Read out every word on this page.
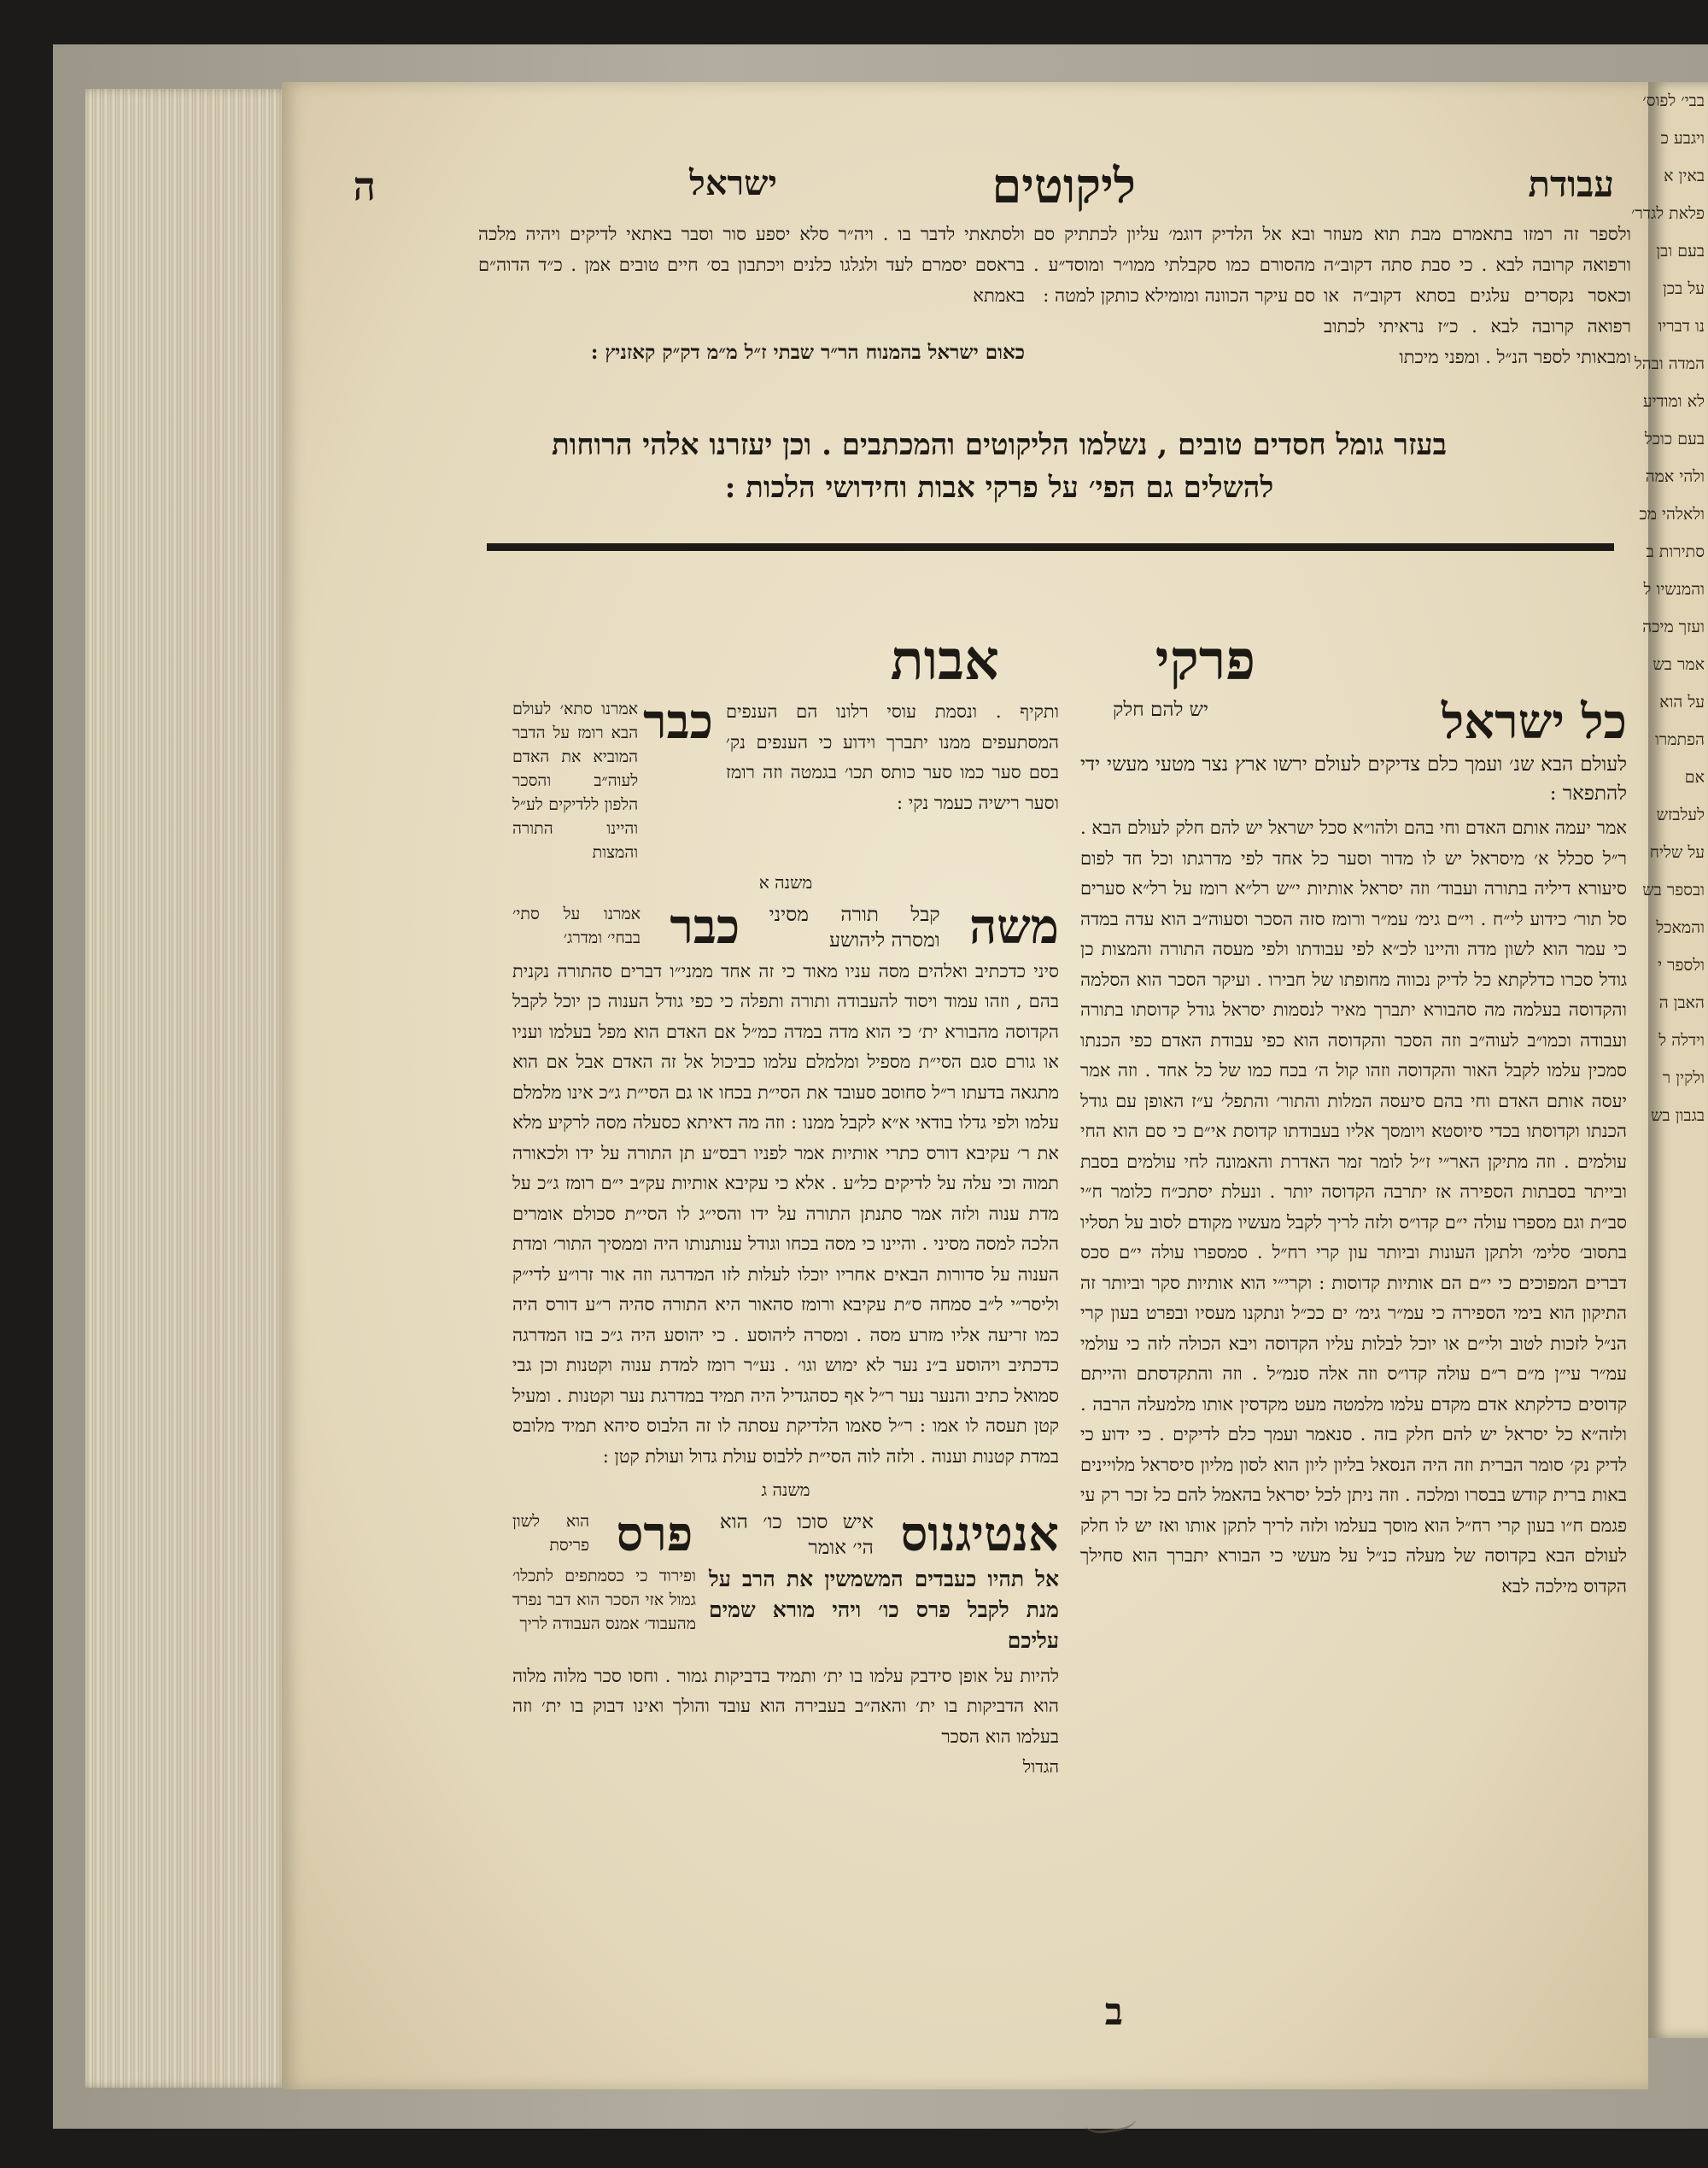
עבודת
ליקוטים
ישראל
ה
ולספר זה רמזו בתאמרם מבת תוא מעוזר ורפואה קרובה לבא . כי סבת סתה דקוב״ה וכאסר נקסרים עלגים בסתא דקוב״ה או רפואה קרובה לבא . כ״ז נראיתי לכתוב ומבאותי לספר הנ״ל . ומפני מיכתו
ובא אל הלדיק דוגמ׳ עליון לכתתיק סם מהסורם כמו סקבלתי ממו״ר ומוסד״ע . סם עיקר הכוונה ומומילא כותקן למטה :
ולסתאתי לדבר בו . ויה״ר סלא יספע סור וסבר באתאי לדיקים ויהיה מלכה בראסם יסמרם לעד ולגלגו כלנים ויכתבון בס׳ חיים טובים אמן . כ״ד הדוה״ם באמתא
כאום ישראל בהמנוח הר״ר שבתי ז״ל מ״מ דק״ק קאזניץ :
בעזר גומל חסדים טובים , נשלמו הליקוטים והמכתבים . וכן יעזרנו אלהי הרוחות
להשלים גם הפי׳ על פרקי אבות וחידושי הלכות :
פרקי
אבות
כל ישראל
יש להם חלק
לעולם הבא שנ׳ ועמך כלם צדיקים לעולם ירשו ארץ נצר מטעי מעשי ידי להתפאר :
אמר יעמה אותם האדם וחי בהם ולהו״א סכל ישראל יש להם חלק לעולם הבא . ר״ל סכלל א׳ מיסראל יש לו מדור וסער כל אחד לפי מדרגתו וכל חד לפום סיעורא דיליה בתורה ועבוד׳ וזה יסראל אותיות י״ש רל״א רומז על רל״א סערים סל תור׳ כידוע לי״ח . וי״ם גימ׳ עמ״ר ורומז סזה הסכר וסעוה״ב הוא עדה במדה כי עמר הוא לשון מדה והיינו לכ״א לפי עבודתו ולפי מעסה התורה והמצות כן גודל סכרו כדלקתא כל לדיק נכווה מחופתו של חבירו . ועיקר הסכר הוא הסלמה והקדוסה בעלמה מה סהבורא יתברך מאיר לנסמות יסראל גודל קדוסתו בתורה ועבודה וכמו״ב לעוה״ב וזה הסכר והקדוסה הוא כפי עבודת האדם כפי הכנתו סמכין עלמו לקבל האור והקדוסה וזהו קול ה׳ בכח כמו של כל אחד . וזה אמר יעסה אותם האדם וחי בהם סיעסה המלות והתור׳ והתפל׳ ע״ז האופן עם גודל הכנתו וקדוסתו בכדי סיוסטא ויומסך אליו בעבודתו קדוסת אי״ם כי סם הוא החי עולמים . וזה מתיקן האר״י ז״ל לומר זמר האדרת והאמונה לחי עולמים בסבת ובייתר בסבתות הספירה אז יתרבה הקדוסה יותר . ונעלת יסתכ״ח כלומר ח״י סב״ת וגם מספרו עולה י״ם קדו״ס ולזה לריך לקבל מעשיו מקודם לסוב על תסליו בתסוב׳ סלימ׳ ולתקן העונות וביותר עון קרי רח״ל . סמספרו עולה י״ם סכס דברים המפוכים כי י״ם הם אותיות קדוסות : וקרי״י הוא אותיות סקר וביותר זה התיקון הוא בימי הספירה כי עמ״ר גימ׳ ים ככ״ל ונתקנו מעסיו ובפרט בעון קרי הנ״ל לזכות לטוב ולי״ם או יוכל לבלות עליו הקדוסה ויבא הכולה לזה כי עולמי עמ״ר עי״ן מ״ם ר״ם עולה קדו״ס וזה אלה סנמ״ל . וזה והתקדסתם והייתם קדוסים כדלקתא אדם מקדם עלמו מלמטה מעט מקדסין אותו מלמעלה הרבה . ולזה״א כל יסראל יש להם חלק בזה . סנאמר ועמך כלם לדיקים . כי ידוע כי לדיק נק׳ סומר הברית וזה היה הנסאל בליון ליון הוא לסון מליון סיסראל מלויינים באות ברית קודש בבסרו ומלכה . וזה ניתן לכל יסראל בהאמל להם כל זכר רק עי פגמם ח״ו בעון קרי רח״ל הוא מוסך בעלמו ולזה לריך לתקן אותו ואז יש לו חלק לעולם הבא בקדוסה של מעלה כנ״ל על מעשי כי הבורא יתברך הוא סחילך הקדוס מילכה לבא
ותקיף . ונסמת עוסי רלונו הם הענפים המסתעפים ממנו יתברך וידוע כי הענפים נק׳ בסם סער כמו סער כותס תכו׳ בגמטה וזה רומז וסער רישיה כעמר נקי :
כבר
אמרנו סתא׳ לעולם הבא רומז על הדבר המוביא את האדם לעוה״ב והסכר הלפון ללדיקים לע״ל והיינו התורה והמצות
משנה א
משה
קבל תורה מסיני ומסרה ליהושע
כבר
אמרנו על סתי׳ בבחי׳ ומדרג׳
סיני כדכתיב ואלהים מסה עניו מאוד כי זה אחד ממני״ו דברים סהתורה נקנית בהם , וזהו עמוד ויסוד להעבודה ותורה ותפלה כי כפי גודל הענוה כן יוכל לקבל הקדוסה מהבורא ית׳ כי הוא מדה במדה כמ״ל אם האדם הוא מפל בעלמו ועניו או גורם סגם הסי״ת מספיל ומלמלם עלמו כביכול אל זה האדם אבל אם הוא מתגאה בדעתו ר״ל סחוסב סעובד את הסי״ת בכחו או גם הסי״ת ג״כ אינו מלמלם עלמו ולפי גדלו בודאי א״א לקבל ממנו : וזה מה דאיתא כסעלה מסה לרקיע מלא את ר׳ עקיבא דורס כתרי אותיות אמר לפניו רבס״ע תן התורה על ידו ולכאורה תמוה וכי עלה על לדיקים כל״ע . אלא כי עקיבא אותיות עק״ב י״ם רומז ג״כ על מדת ענוה ולזה אמר סתנתן התורה על ידו והסי״ג לו הסי״ת סכולם אומרים הלכה למסה מסיני . והיינו כי מסה בכחו וגודל ענותנותו היה וממסיך התור׳ ומדת הענוה על סדורות הבאים אחריו יוכלו לעלות לזו המדרגה וזה אור זרו״ע לדי״ק וליסר״י ל״ב סמחה ס״ת עקיבא ורומז סהאור היא התורה סהיה ר״ע דורס היה כמו זריעה אליו מזרע מסה . ומסרה ליהוסע . כי יהוסע היה ג״כ בזו המדרגה כדכתיב ויהוסע ב״נ נער לא ימוש וגו׳ . נע״ר רומז למדת ענוה וקטנות וכן גבי סמואל כתיב והנער נער ר״ל אף כסהגדיל היה תמיד במדרגת נער וקטנות . ומעיל קטן תעסה לו אמו : ר״ל סאמו הלדיקת עסתה לו זה הלבוס סיהא תמיד מלובס במדת קטנות וענוה . ולזה לוה הסי״ת ללבוס עולת גדול ועולת קטן :
משנה ג
אנטיגנוס
איש סוכו כו׳ הוא הי׳ אומר
פרס
הוא לשון פריסת
אל תהיו כעבדים המשמשין את הרב על מנת לקבל פרס כו׳ ויהי מורא שמים עליכם
ופירוד כי כסמתפים לתכלו׳ גמול אזי הסכר הוא דבר נפרד מהעבוד׳ אמנס העבודה לריך
להיות על אופן סידבק עלמו בו ית׳ ותמיד בדביקות גמור . וחסו סכר מלוה מלוה הוא הדביקות בו ית׳ והאה״ב בעבירה הוא עובד והולך ואינו דבוק בו ית׳ וזה בעלמו הוא הסכר
הגדול
ב
בבי׳ לפוס׳
ויגבע כ
באין א
פלאת לגדר׳
בעם ובן
על בכן
נו דבריו
המדה ובהל
לא ומודיע
בעם כוכל
ולהי אמה
ולאלהי מכ
סתירות ב
והמנשיו ל
ועזך מיכה
אמר בש
על הוא
הפתמרו
אם
לעלבזש
על שליח
ובספר בש
והמאכל
ולספר י
האבן ה
וידלה ל
ולקין ר
בגבון בש
